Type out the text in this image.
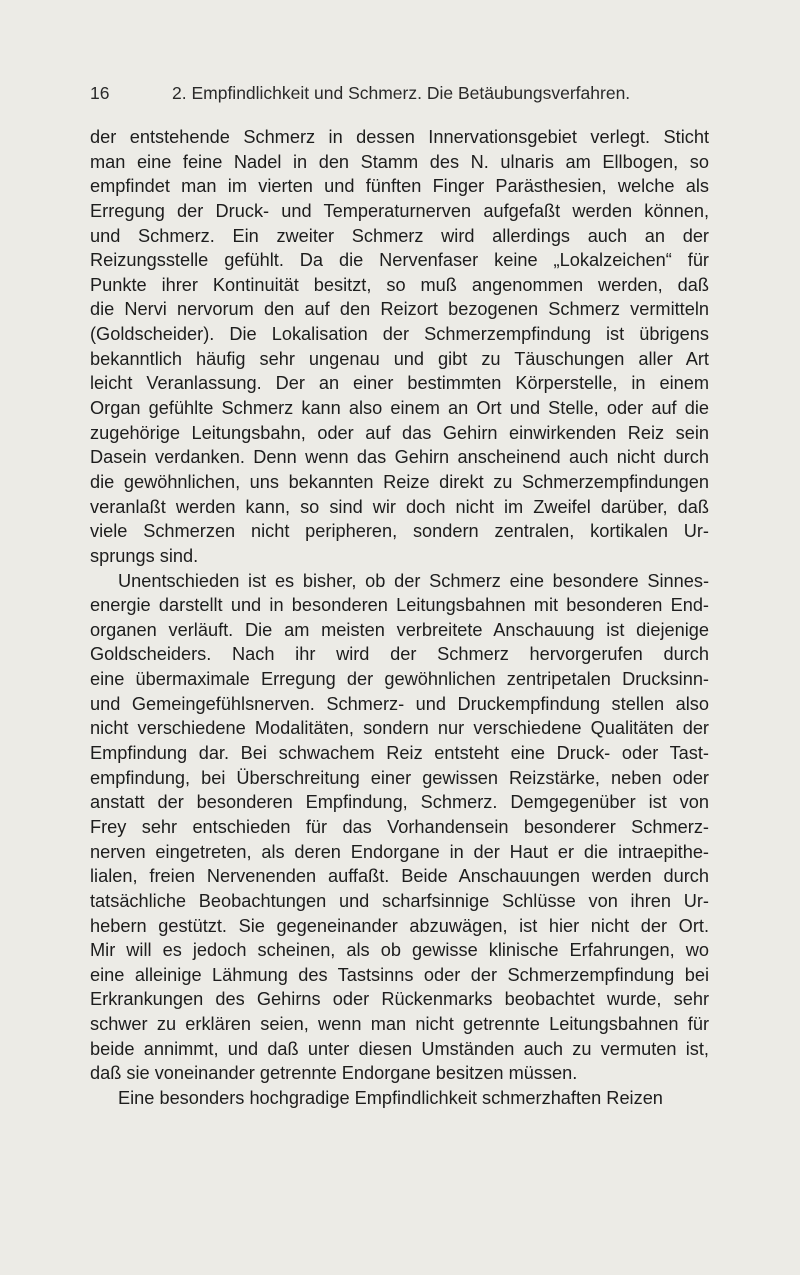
16	2. Empfindlichkeit und Schmerz. Die Betäubungsverfahren.
der entstehende Schmerz in dessen Innervationsgebiet verlegt. Sticht
man eine feine Nadel in den Stamm des N. ulnaris am Ellbogen, so
empfindet man im vierten und fünften Finger Parästhesien, welche als
Erregung der Druck- und Temperaturnerven aufgefaßt werden können,
und Schmerz. Ein zweiter Schmerz wird allerdings auch an der
Reizungsstelle gefühlt. Da die Nervenfaser keine „Lokalzeichen“ für
Punkte ihrer Kontinuität besitzt, so muß angenommen werden, daß
die Nervi nervorum den auf den Reizort bezogenen Schmerz vermitteln
(Goldscheider). Die Lokalisation der Schmerzempfindung ist übrigens
bekanntlich häufig sehr ungenau und gibt zu Täuschungen aller Art
leicht Veranlassung. Der an einer bestimmten Körperstelle, in einem
Organ gefühlte Schmerz kann also einem an Ort und Stelle, oder auf die
zugehörige Leitungsbahn, oder auf das Gehirn einwirkenden Reiz sein
Dasein verdanken. Denn wenn das Gehirn anscheinend auch nicht durch
die gewöhnlichen, uns bekannten Reize direkt zu Schmerzempfindungen
veranlaßt werden kann, so sind wir doch nicht im Zweifel darüber, daß
viele Schmerzen nicht peripheren, sondern zentralen, kortikalen Ur-
sprungs sind.
Unentschieden ist es bisher, ob der Schmerz eine besondere Sinnes-
energie darstellt und in besonderen Leitungsbahnen mit besonderen End-
organen verläuft. Die am meisten verbreitete Anschauung ist diejenige
Goldscheiders. Nach ihr wird der Schmerz hervorgerufen durch
eine übermaximale Erregung der gewöhnlichen zentripetalen Drucksinn-
und Gemeingefühlsnerven. Schmerz- und Druckempfindung stellen also
nicht verschiedene Modalitäten, sondern nur verschiedene Qualitäten der
Empfindung dar. Bei schwachem Reiz entsteht eine Druck- oder Tast-
empfindung, bei Überschreitung einer gewissen Reizstärke, neben oder
anstatt der besonderen Empfindung, Schmerz. Demgegenüber ist von
Frey sehr entschieden für das Vorhandensein besonderer Schmerz-
nerven eingetreten, als deren Endorgane in der Haut er die intraepithe-
lialen, freien Nervenenden auffaßt. Beide Anschauungen werden durch
tatsächliche Beobachtungen und scharfsinnige Schlüsse von ihren Ur-
hebern gestützt. Sie gegeneinander abzuwägen, ist hier nicht der Ort.
Mir will es jedoch scheinen, als ob gewisse klinische Erfahrungen, wo
eine alleinige Lähmung des Tastsinns oder der Schmerzempfindung bei
Erkrankungen des Gehirns oder Rückenmarks beobachtet wurde, sehr
schwer zu erklären seien, wenn man nicht getrennte Leitungsbahnen für
beide annimmt, und daß unter diesen Umständen auch zu vermuten ist,
daß sie voneinander getrennte Endorgane besitzen müssen.
Eine besonders hochgradige Empfindlichkeit schmerzhaften Reizen
